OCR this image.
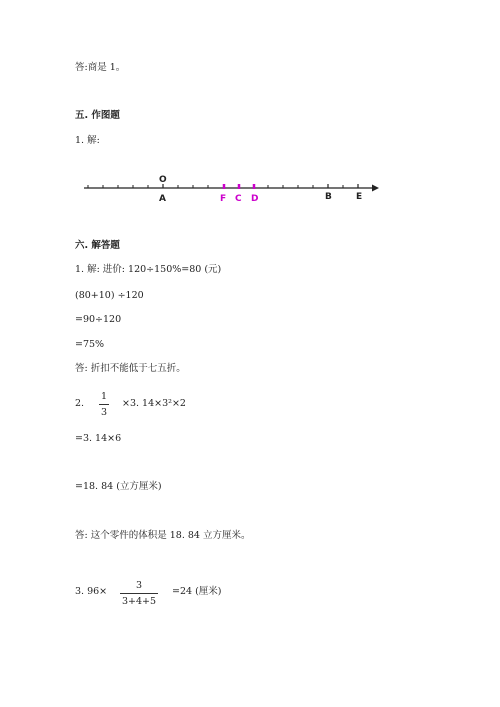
答:商是 1。
五. 作图题
1. 解:
O
A	F C D	B	E
六. 解答题
1. 解: 进价: 120÷150%=80 (元)
(80+10) ÷120
=90÷120
=75%
答: 折扣不能低于七五折。
2.
1
3
×3. 14×3²×2
=3. 14×6
=18. 84 (立方厘米)
答: 这个零件的体积是 18. 84 立方厘米。
3. 96×
3
3+4+5
=24 (厘米)
